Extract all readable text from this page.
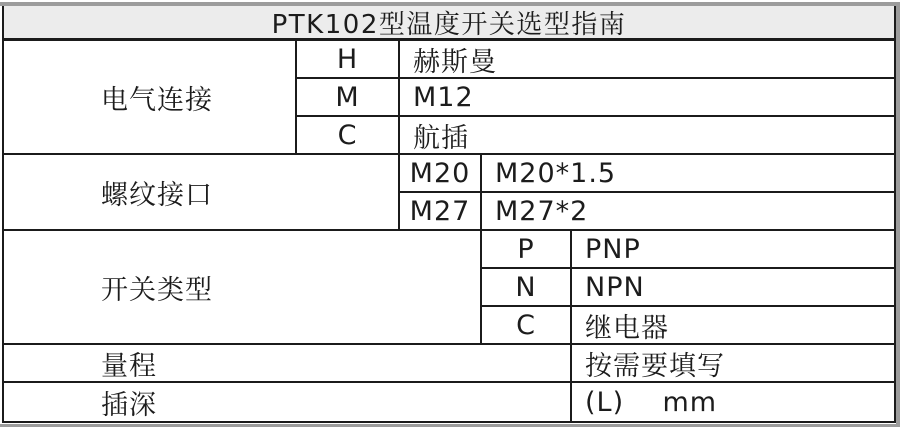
PTK102型温度开关选型指南
电气连接
H	赫斯曼
M	M12
C	航插
螺纹接口
M20 M20*1.5
M27 M27*2
开关类型
P	PNP
N	NPN
C	继电器
量程	按需要填写
插深	(L)    mm
